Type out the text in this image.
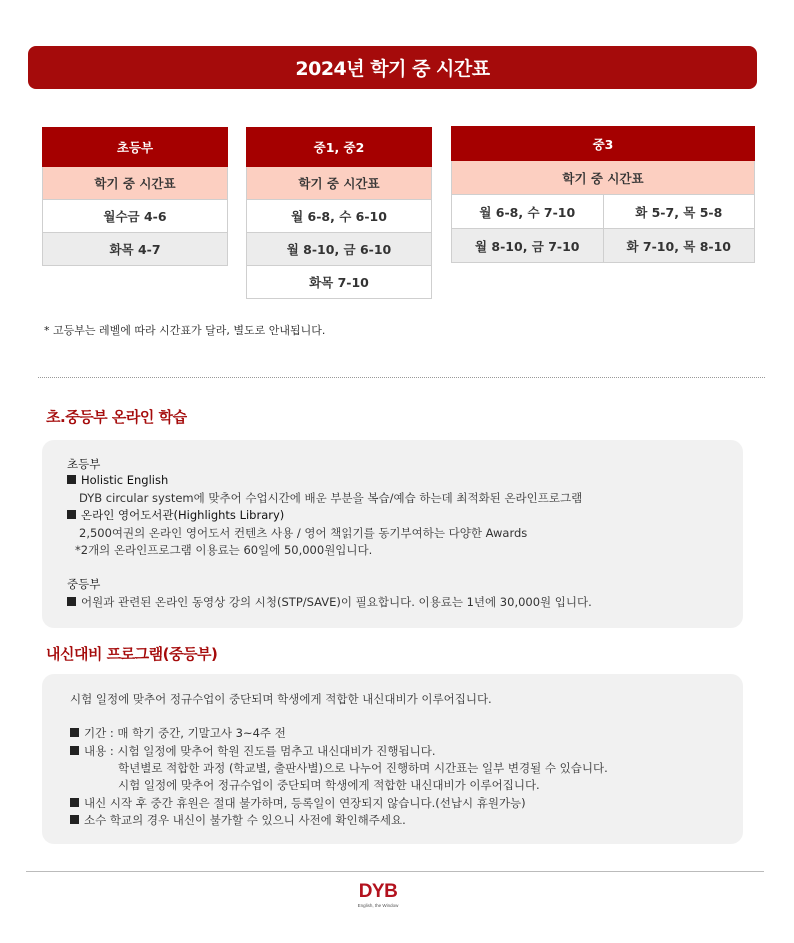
2024년 학기 중 시간표
초등부
학기 중 시간표
월수금 4-6
화목 4-7
중1, 중2
학기 중 시간표
월 6-8, 수 6-10
월 8-10, 금 6-10
화목 7-10
중3	
학기 중 시간표	
월 6-8, 수 7-10	화 5-7, 목 5-8
월 8-10, 금 7-10	화 7-10, 목 8-10
* 고등부는 레벨에 따라 시간표가 달라, 별도로 안내됩니다.
초.중등부 온라인 학습
초등부
Holistic English
DYB circular system에 맞추어 수업시간에 배운 부분을 복습/예습 하는데 최적화된 온라인프로그램
온라인 영어도서관(Highlights Library)
2,500여권의 온라인 영어도서 컨텐츠 사용 / 영어 책읽기를 동기부여하는 다양한 Awards
*2개의 온라인프로그램 이용료는 60일에 50,000원입니다.
중등부
어원과 관련된 온라인 동영상 강의 시청(STP/SAVE)이 필요합니다. 이용료는 1년에 30,000원 입니다.
내신대비 프로그램(중등부)
시험 일정에 맞추어 정규수업이 중단되며 학생에게 적합한 내신대비가 이루어집니다.
기간 : 매 학기 중간, 기말고사 3~4주 전
내용 : 시험 일정에 맞추어 학원 진도를 멈추고 내신대비가 진행됩니다.
학년별로 적합한 과정 (학교별, 출판사별)으로 나누어 진행하며 시간표는 일부 변경될 수 있습니다.
시험 일정에 맞추어 정규수업이 중단되며 학생에게 적합한 내신대비가 이루어집니다.
내신 시작 후 중간 휴원은 절대 불가하며, 등록일이 연장되지 않습니다.(선납시 휴원가능)
소수 학교의 경우 내신이 불가할 수 있으니 사전에 확인해주세요.
DYB
English, the Window
